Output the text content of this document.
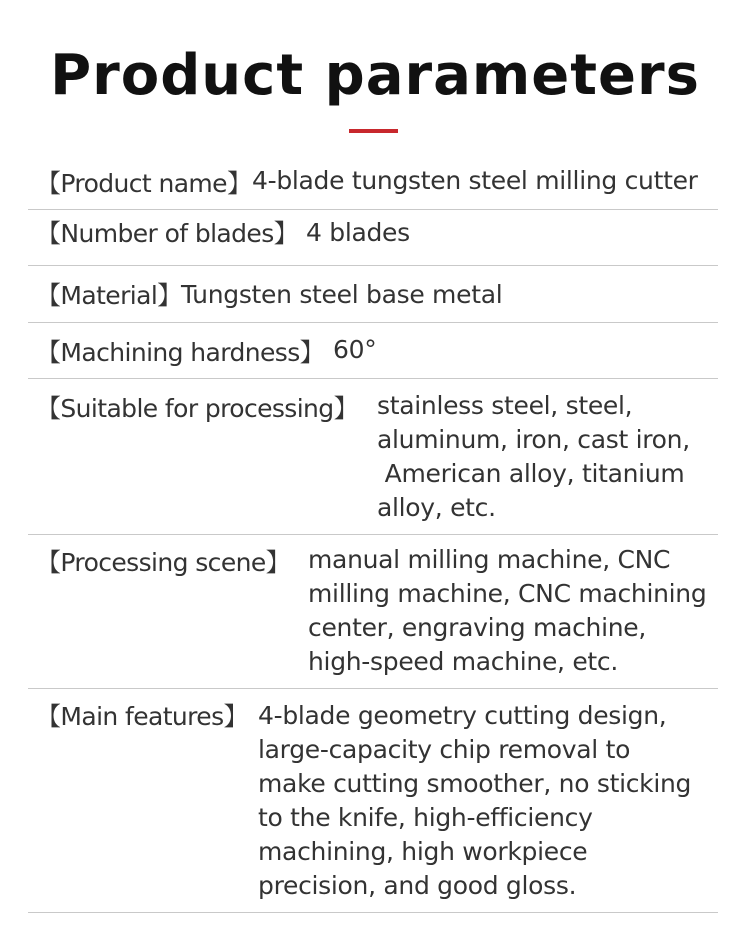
Product parameters
【Product name】 4-blade tungsten steel milling cutter
【Number of blades】 4 blades
【Material】 Tungsten steel base metal
【Machining hardness】 60°
【Suitable for processing】 stainless steel, steel,
aluminum, iron, cast iron,
American alloy, titanium
alloy, etc.
【Processing scene】 manual milling machine, CNC
milling machine, CNC machining
center, engraving machine,
high-speed machine, etc.
【Main features】 4-blade geometry cutting design,
large-capacity chip removal to
make cutting smoother, no sticking
to the knife, high-efficiency
machining, high workpiece
precision, and good gloss.
